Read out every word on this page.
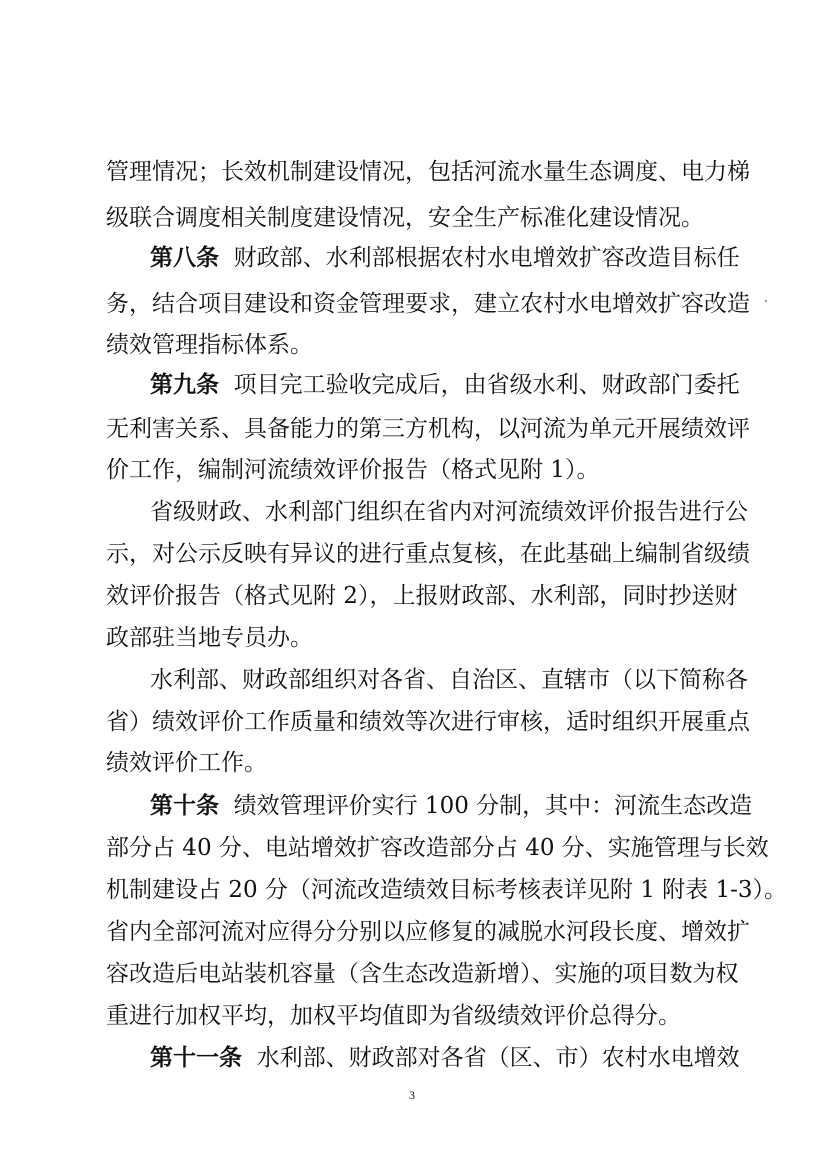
管理情况；长效机制建设情况，包括河流水量生态调度、电力梯
级联合调度相关制度建设情况，安全生产标准化建设情况。
第八条 财政部、水利部根据农村水电增效扩容改造目标任
务，结合项目建设和资金管理要求，建立农村水电增效扩容改造
绩效管理指标体系。
第九条 项目完工验收完成后，由省级水利、财政部门委托
无利害关系、具备能力的第三方机构，以河流为单元开展绩效评
价工作，编制河流绩效评价报告（格式见附 1）。
省级财政、水利部门组织在省内对河流绩效评价报告进行公
示，对公示反映有异议的进行重点复核，在此基础上编制省级绩
效评价报告（格式见附 2），上报财政部、水利部，同时抄送财
政部驻当地专员办。
水利部、财政部组织对各省、自治区、直辖市（以下简称各
省）绩效评价工作质量和绩效等次进行审核，适时组织开展重点
绩效评价工作。
第十条 绩效管理评价实行 100 分制，其中：河流生态改造
部分占 40 分、电站增效扩容改造部分占 40 分、实施管理与长效
机制建设占 20 分（河流改造绩效目标考核表详见附 1 附表 1-3）。
省内全部河流对应得分分别以应修复的减脱水河段长度、增效扩
容改造后电站装机容量（含生态改造新增）、实施的项目数为权
重进行加权平均，加权平均值即为省级绩效评价总得分。
第十一条 水利部、财政部对各省（区、市）农村水电增效
3
